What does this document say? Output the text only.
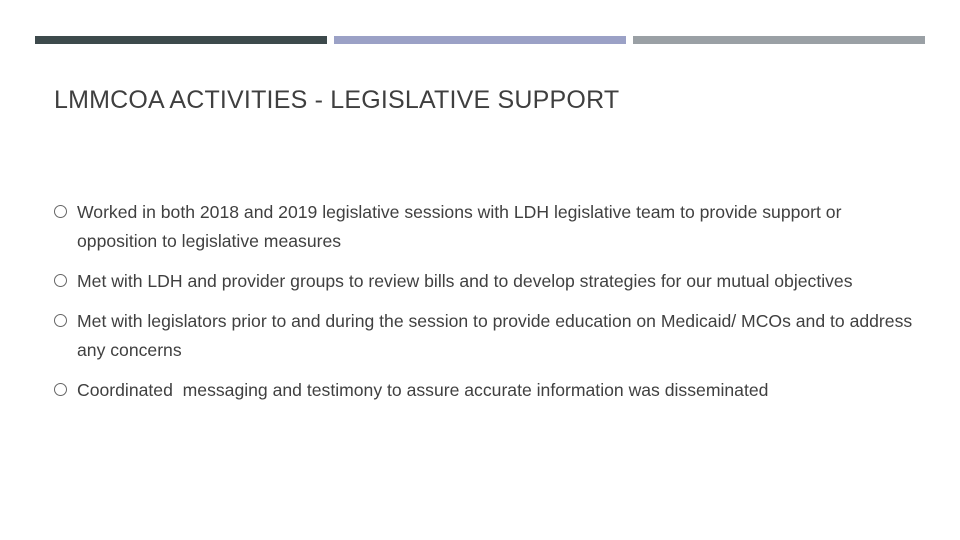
LMMCOA ACTIVITIES - LEGISLATIVE SUPPORT
Worked in both 2018 and 2019 legislative sessions with LDH legislative team to provide support or opposition to legislative measures
Met with LDH and provider groups to review bills and to develop strategies for our mutual objectives
Met with legislators prior to and during the session to provide education on Medicaid/ MCOs and to address any concerns
Coordinated  messaging and testimony to assure accurate information was disseminated
